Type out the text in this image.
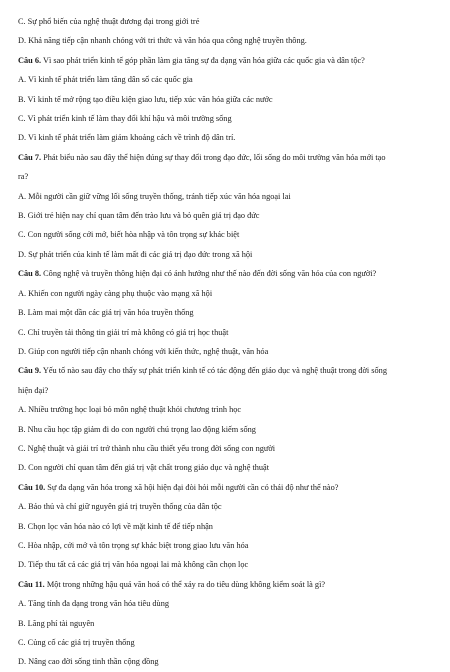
C. Sự phổ biến của nghệ thuật đương đại trong giới trẻ
D. Khả năng tiếp cận nhanh chóng với tri thức và văn hóa qua công nghệ truyền thông.
Câu 6. Vì sao phát triển kinh tế góp phần làm gia tăng sự đa dạng văn hóa giữa các quốc gia và dân tộc?
A. Vì kinh tế phát triển làm tăng dân số các quốc gia
B. Vì kinh tế mở rộng tạo điều kiện giao lưu, tiếp xúc văn hóa giữa các nước
C. Vì phát triển kinh tế làm thay đổi khí hậu và môi trường sống
D. Vì kinh tế phát triển làm giảm khoảng cách về trình độ dân trí.
Câu 7. Phát biểu nào sau đây thể hiện đúng sự thay đổi trong đạo đức, lối sống do môi trường văn hóa mới tạo
ra?
A. Mỗi người cần giữ vững lối sống truyền thống, tránh tiếp xúc văn hóa ngoại lai
B. Giới trẻ hiện nay chỉ quan tâm đến trào lưu và bỏ quên giá trị đạo đức
C. Con người sống cởi mở, biết hòa nhập và tôn trọng sự khác biệt
D. Sự phát triển của kinh tế làm mất đi các giá trị đạo đức trong xã hội
Câu 8. Công nghệ và truyền thông hiện đại có ảnh hưởng như thế nào đến đời sống văn hóa của con người?
A. Khiến con người ngày càng phụ thuộc vào mạng xã hội
B. Làm mai một dần các giá trị văn hóa truyền thống
C. Chỉ truyền tải thông tin giải trí mà không có giá trị học thuật
D. Giúp con người tiếp cận nhanh chóng với kiến thức, nghệ thuật, văn hóa
Câu 9. Yếu tố nào sau đây cho thấy sự phát triển kinh tế có tác động đến giáo dục và nghệ thuật trong đời sống
hiện đại?
A. Nhiều trường học loại bỏ môn nghệ thuật khỏi chương trình học
B. Nhu cầu học tập giảm đi do con người chú trọng lao động kiếm sống
C. Nghệ thuật và giải trí trở thành nhu cầu thiết yếu trong đời sống con người
D. Con người chỉ quan tâm đến giá trị vật chất trong giáo dục và nghệ thuật
Câu 10. Sự đa dạng văn hóa trong xã hội hiện đại đòi hỏi mỗi người cần có thái độ như thế nào?
A. Bảo thủ và chỉ giữ nguyên giá trị truyền thống của dân tộc
B. Chọn lọc văn hóa nào có lợi về mặt kinh tế để tiếp nhận
C. Hòa nhập, cởi mở và tôn trọng sự khác biệt trong giao lưu văn hóa
D. Tiếp thu tất cả các giá trị văn hóa ngoại lai mà không cần chọn lọc
Câu 11. Một trong những hậu quả văn hoá có thể xảy ra do tiêu dùng không kiểm soát là gì?
A. Tăng tính đa dạng trong văn hóa tiêu dùng
B. Lãng phí tài nguyên
C. Củng cố các giá trị truyền thống
D. Nâng cao đời sống tinh thần cộng đồng
